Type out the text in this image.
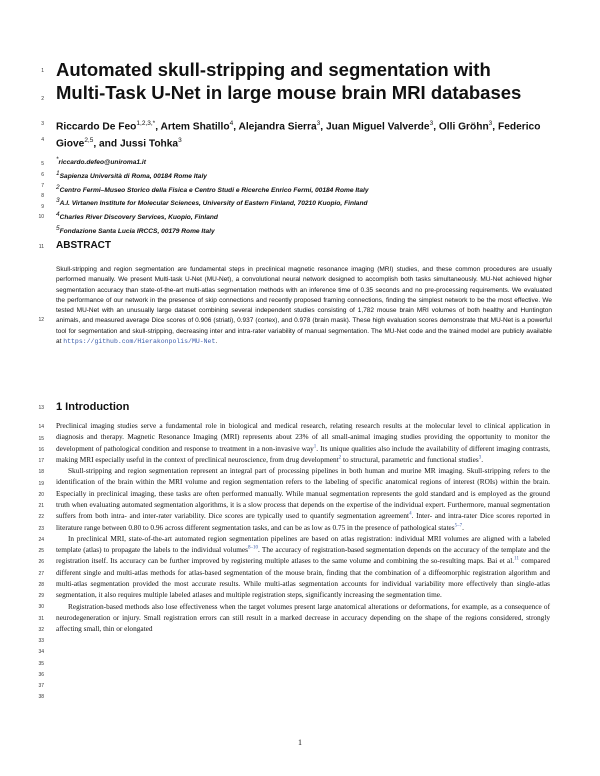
1
2
3
4
5
6
7
8
9
10
11
12
13
14
15
16
17
18
19
20
21
22
23
24
25
26
27
28
29
30
31
32
33
34
35
36
37
38
Automated skull-stripping and segmentation with
Multi-Task U-Net in large mouse brain MRI databases
Riccardo De Feo$^{1,2,3,*}$, Artem Shatillo$^4$, Alejandra Sierra$^3$, Juan Miguel Valverde$^3$, Olli Gröhn$^3$, Federico Giove$^{2,5}$, and Jussi Tohka$^3$
*riccardo.defeo@uniroma1.it
$^1$Sapienza Università di Roma, 00184 Rome Italy
$^2$Centro Fermi–Museo Storico della Fisica e Centro Studi e Ricerche Enrico Fermi, 00184 Rome Italy
$^3$A.I. Virtanen Institute for Molecular Sciences, University of Eastern Finland, 70210 Kuopio, Finland
$^4$Charles River Discovery Services, Kuopio, Finland
$^5$Fondazione Santa Lucia IRCCS, 00179 Rome Italy
ABSTRACT
Skull-stripping and region segmentation are fundamental steps in preclinical magnetic resonance imaging (MRI) studies, and these common procedures are usually performed manually. We present Multi-task U-Net (MU-Net), a convolutional neural network designed to accomplish both tasks simultaneously. MU-Net achieved higher segmentation accuracy than state-of-the-art multi-atlas segmentation methods with an inference time of 0.35 seconds and no pre-processing requirements. We evaluated the performance of our network in the presence of skip connections and recently proposed framing connections, finding the simplest network to be the most effective. We tested MU-Net with an unusually large dataset combining several independent studies consisting of 1,782 mouse brain MRI volumes of both healthy and Huntington animals, and measured average Dice scores of 0.906 (striati), 0.937 (cortex), and 0.978 (brain mask). These high evaluation scores demonstrate that MU-Net is a powerful tool for segmentation and skull-stripping, decreasing inter and intra-rater variability of manual segmentation. The MU-Net code and the trained model are publicly available at https://github.com/Hierakonpolis/MU-Net.
1 Introduction

Preclinical imaging studies serve a fundamental role in biological and medical research, relating research results at the molecular level to clinical application in diagnosis and therapy. Magnetic Resonance Imaging (MRI) represents about 23% of all small-animal imaging studies providing the opportunity to monitor the development of pathological condition and response to treatment in a non-invasive way$^1$. Its unique qualities also include the availability of different imaging contrasts, making MRI especially useful in the context of preclinical neuroscience, from drug development$^2$ to structural, parametric and functional studies$^3$.

Skull-stripping and region segmentation represent an integral part of processing pipelines in both human and murine MR imaging. Skull-stripping refers to the identification of the brain within the MRI volume and region segmentation refers to the labeling of specific anatomical regions of interest (ROIs) within the brain. Especially in preclinical imaging, these tasks are often performed manually. While manual segmentation represents the gold standard and is employed as the ground truth when evaluating automated segmentation algorithms, it is a slow process that depends on the expertise of the individual expert. Furthermore, manual segmentation suffers from both intra- and inter-rater variability. Dice scores are typically used to quantify segmentation agreement$^4$. Inter- and intra-rater Dice scores reported in literature range between 0.80 to 0.96 across different segmentation tasks, and can be as low as 0.75 in the presence of pathological states$^{5-7}$.

In preclinical MRI, state-of-the-art automated region segmentation pipelines are based on atlas registration: individual MRI volumes are aligned with a labeled template (atlas) to propagate the labels to the individual volumes$^{8-10}$. The accuracy of registration-based segmentation depends on the accuracy of the template and the registration itself. Its accuracy can be further improved by registering multiple atlases to the same volume and combining the so-resulting maps. Bai et al.$^{11}$ compared different single and multi-atlas methods for atlas-based segmentation of the mouse brain, finding that the combination of a diffeomorphic registration algorithm and multi-atlas segmentation provided the most accurate results. While multi-atlas segmentation accounts for individual variability more effectively than single-atlas segmentation, it also requires multiple labeled atlases and multiple registration steps, significantly increasing the segmentation time.

Registration-based methods also lose effectiveness when the target volumes present large anatomical alterations or deformations, for example, as a consequence of neurodegeneration or injury. Small registration errors can still result in a marked decrease in accuracy depending on the shape of the regions considered, strongly affecting small, thin or elongated

1
